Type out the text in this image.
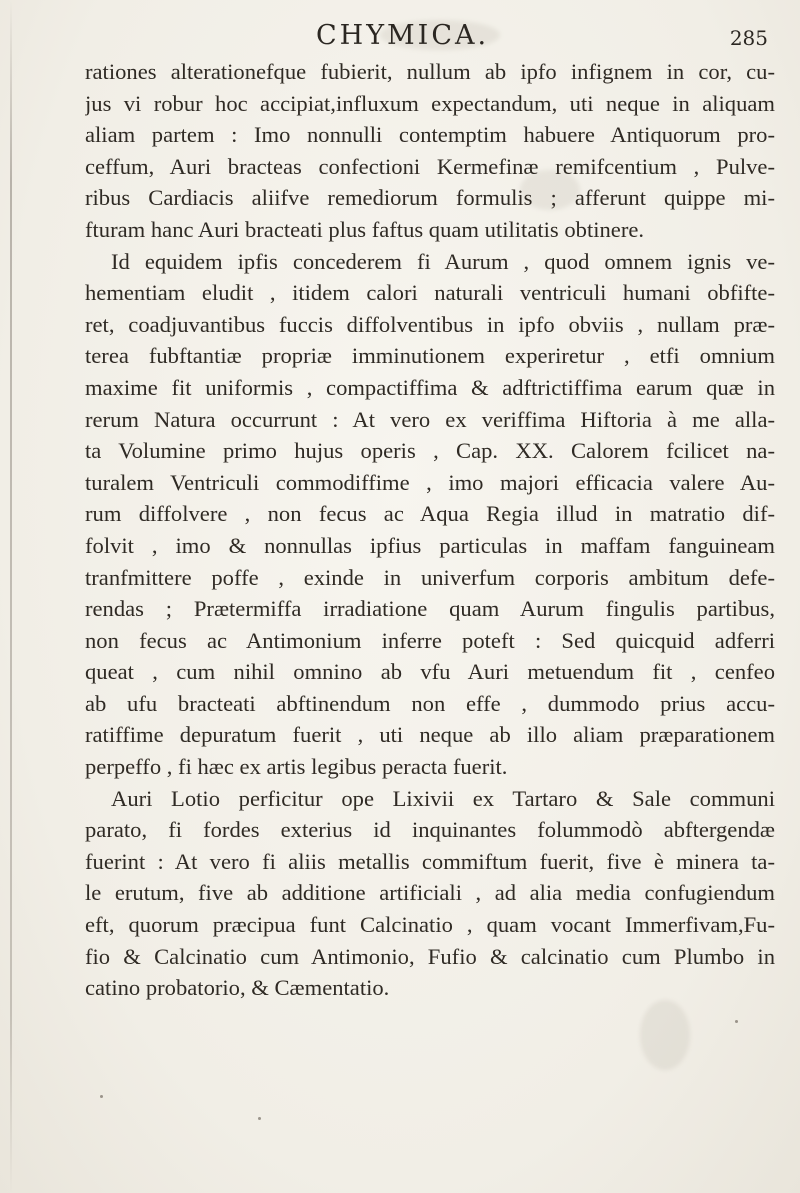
CHYMICA.	285
rationes alterationefque fubierit, nullum ab ipfo infignem in cor, cu-
jus vi robur hoc accipiat,influxum expectandum, uti neque in aliquam
aliam partem : Imo nonnulli contemptim habuere Antiquorum pro-
ceffum, Auri bracteas confectioni Kermefinæ remifcentium , Pulve-
ribus Cardiacis aliifve remediorum formulis ; afferunt quippe mi-
fturam hanc Auri bracteati plus faftus quam utilitatis obtinere.
Id equidem ipfis concederem fi Aurum , quod omnem ignis ve-
hementiam eludit , itidem calori naturali ventriculi humani obfifte-
ret, coadjuvantibus fuccis diffolventibus in ipfo obviis , nullam præ-
terea fubftantiæ propriæ imminutionem experiretur , etfi omnium
maxime fit uniformis , compactiffima & adftrictiffima earum quæ in
rerum Natura occurrunt : At vero ex veriffima Hiftoria à me alla-
ta Volumine primo hujus operis , Cap. XX. Calorem fcilicet na-
turalem Ventriculi commodiffime , imo majori efficacia valere Au-
rum diffolvere , non fecus ac Aqua Regia illud in matratio dif-
folvit , imo & nonnullas ipfius particulas in maffam fanguineam
tranfmittere poffe , exinde in univerfum corporis ambitum defe-
rendas ; Prætermiffa irradiatione quam Aurum fingulis partibus,
non fecus ac Antimonium inferre poteft : Sed quicquid adferri
queat , cum nihil omnino ab vfu Auri metuendum fit , cenfeo
ab ufu bracteati abftinendum non effe , dummodo prius accu-
ratiffime depuratum fuerit , uti neque ab illo aliam præparationem
perpeffo , fi hæc ex artis legibus peracta fuerit.
Auri Lotio perficitur ope Lixivii ex Tartaro & Sale communi
parato, fi fordes exterius id inquinantes folummodò abftergendæ
fuerint : At vero fi aliis metallis commiftum fuerit, five è minera ta-
le erutum, five ab additione artificiali , ad alia media confugiendum
eft, quorum præcipua funt Calcinatio , quam vocant Immerfivam,Fu-
fio & Calcinatio cum Antimonio, Fufio & calcinatio cum Plumbo in
catino probatorio, & Cæmentatio.
